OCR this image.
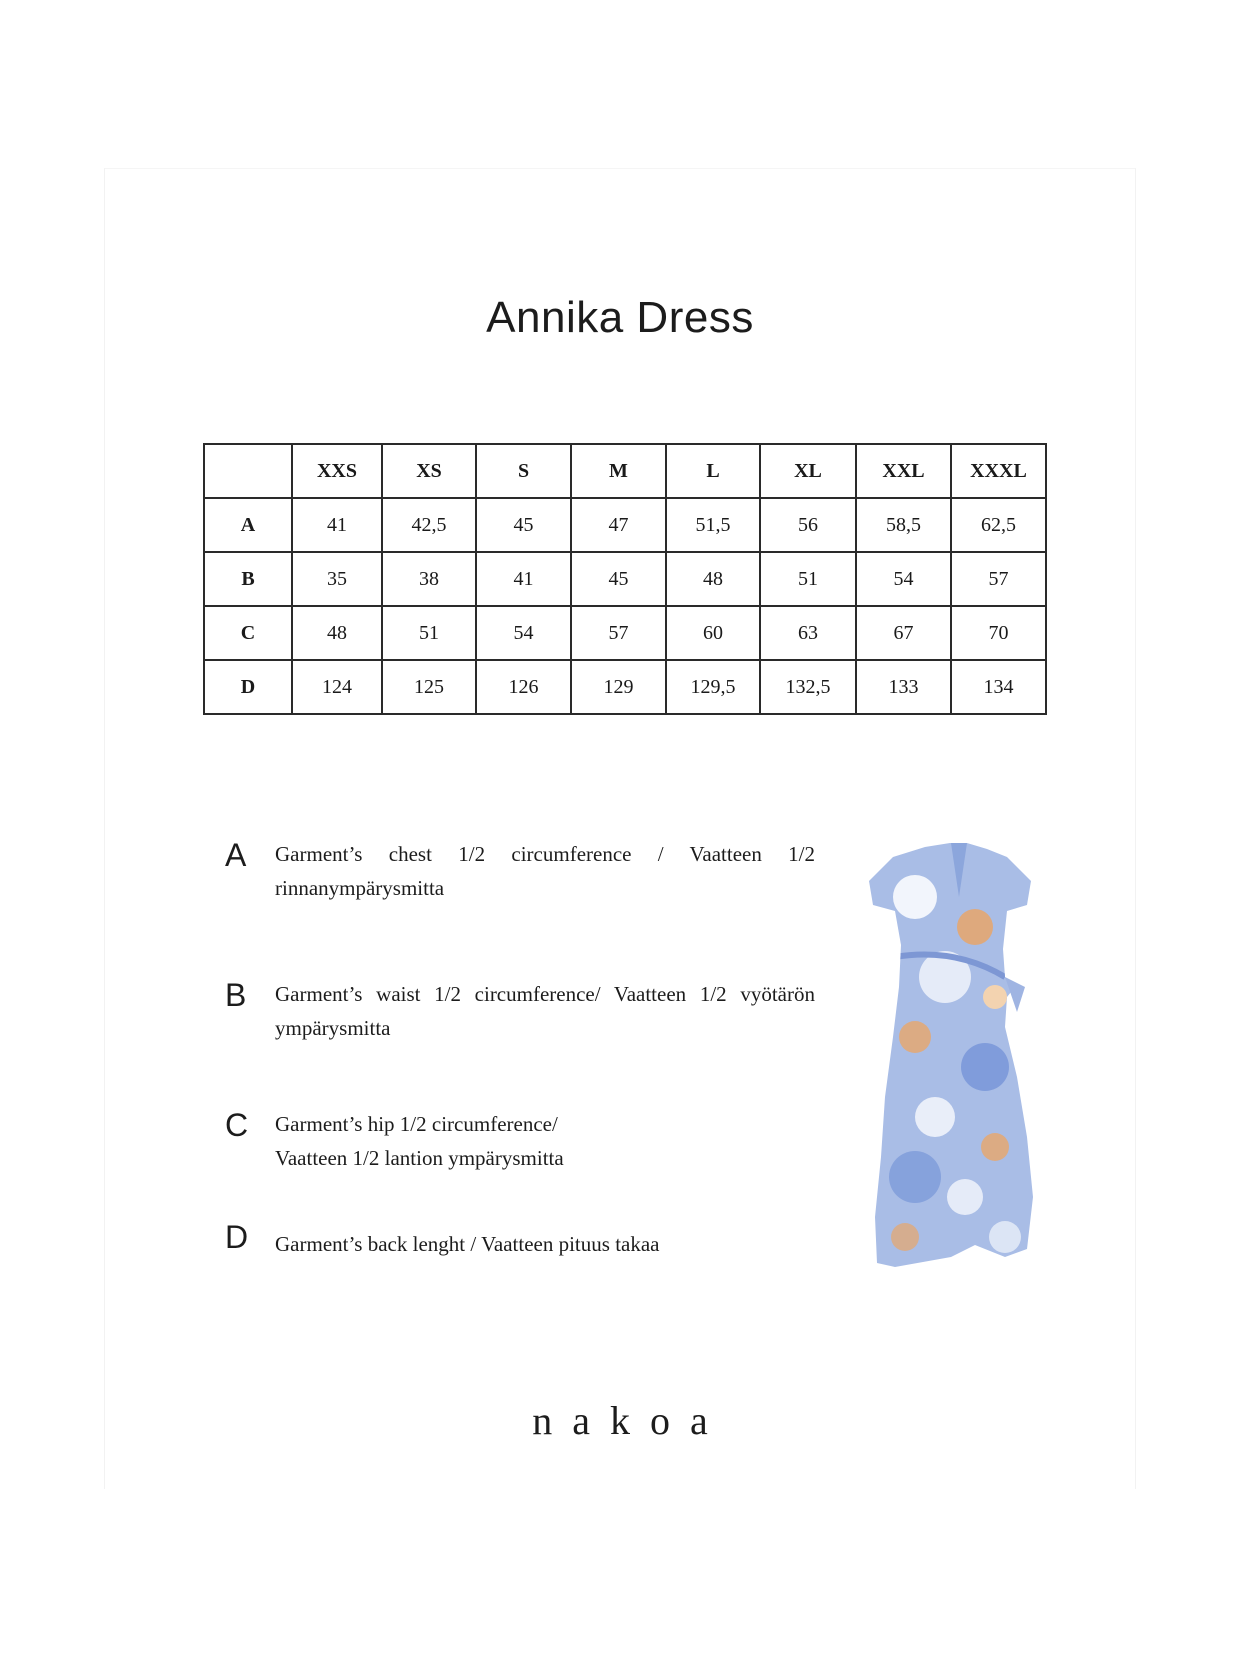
Annika Dress
	XXS	XS	S	M	L	XL	XXL	XXXL
A	41	42,5	45	47	51,5	56	58,5	62,5
B	35	38	41	45	48	51	54	57
C	48	51	54	57	60	63	67	70
D	124	125	126	129	129,5	132,5	133	134
A Garment’s chest 1/2 circumference / Vaatteen 1/2 rinnanympärysmitta
B Garment’s waist 1/2 circumference/ Vaatteen 1/2 vyötärön ympärysmitta
C Garment’s hip 1/2 circumference/ Vaatteen 1/2 lantion ympärysmitta
D Garment’s back lenght / Vaatteen pituus takaa
nakoa
